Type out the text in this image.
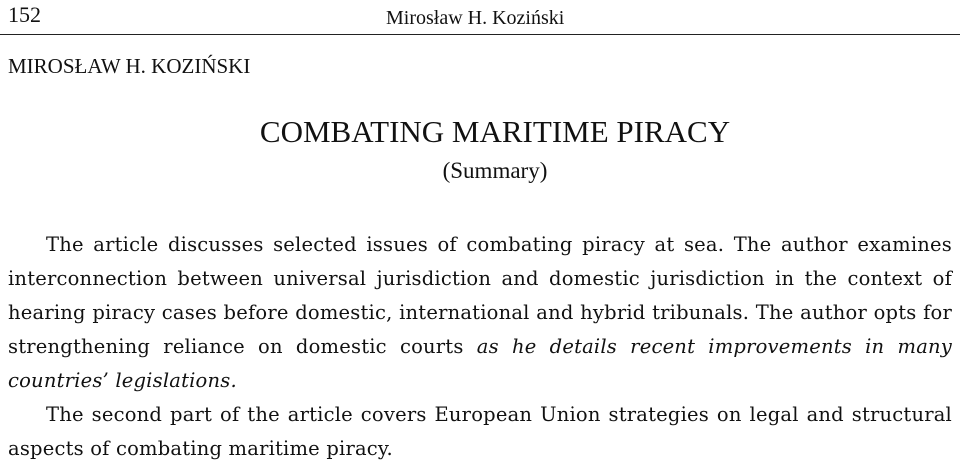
152	Mirosław H. Koziński
MIROSŁAW H. KOZIŃSKI
COMBATING MARITIME PIRACY
(Summary)

The article discusses selected issues of combating piracy at sea. The author examines interconnection between universal jurisdiction and domestic jurisdiction in the context of hearing piracy cases before domestic, international and hybrid tribunals. The author opts for strengthening reliance on domestic courts as he details recent improvements in many countries’ legislations.

The second part of the article covers European Union strategies on legal and structural aspects of combating maritime piracy.
